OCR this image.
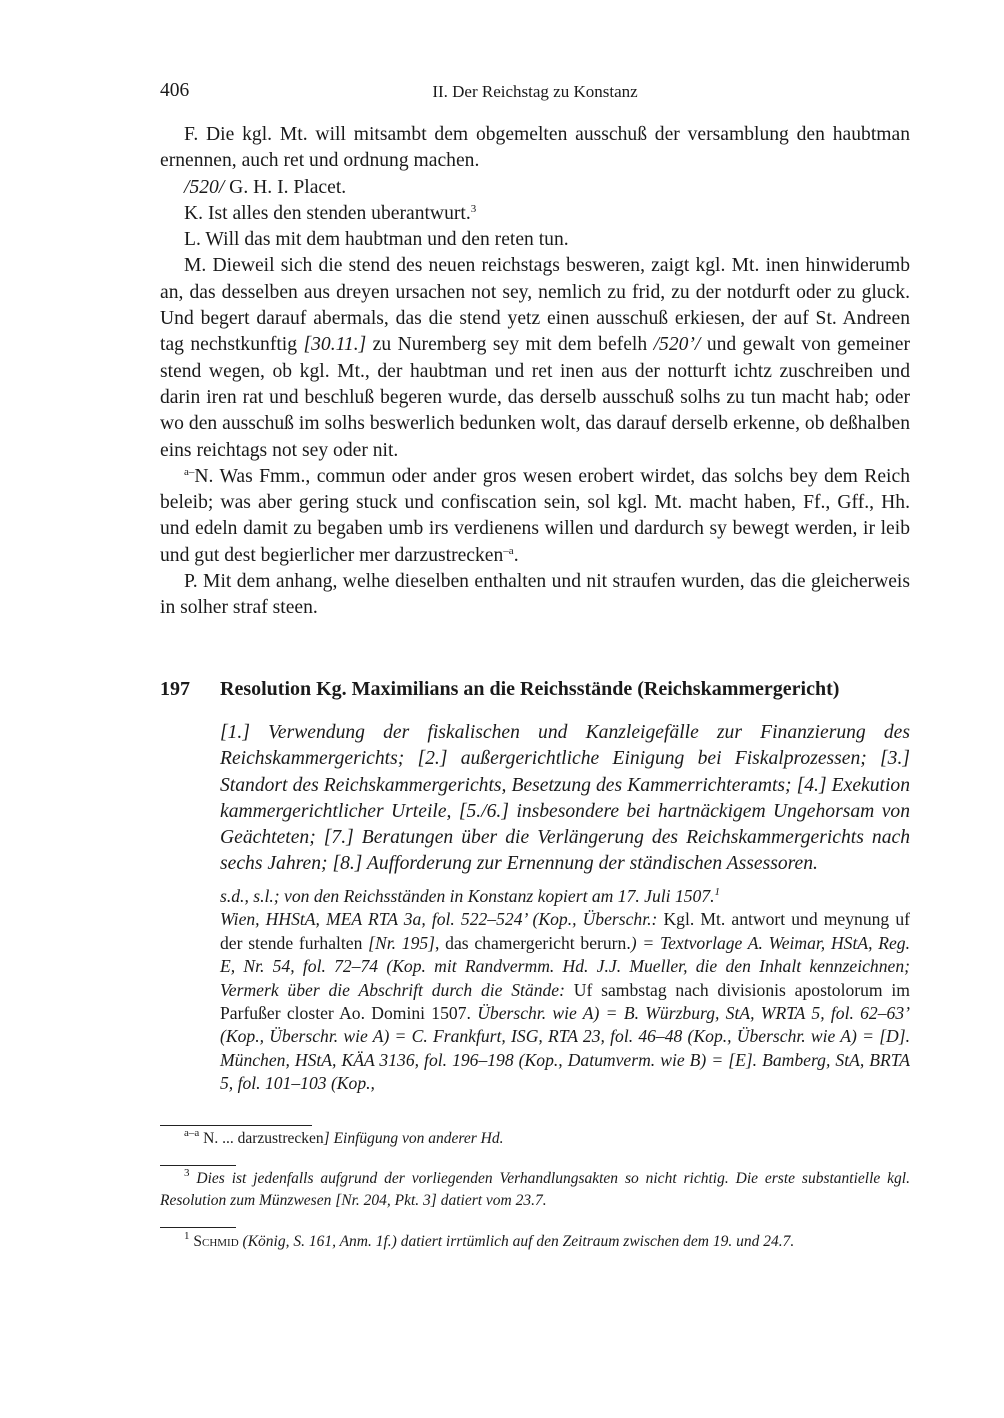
406	II. Der Reichstag zu Konstanz

F. Die kgl. Mt. will mitsambt dem obgemelten ausschuß der versamblung den haubtman ernennen, auch ret und ordnung machen.

/520/ G. H. I. Placet.

K. Ist alles den stenden uberantwurt.$^3$

L. Will das mit dem haubtman und den reten tun.

M. Dieweil sich die stend des neuen reichstags besweren, zaigt kgl. Mt. inen hinwiderumb an, das desselben aus dreyen ursachen not sey, nemlich zu frid, zu der notdurft oder zu gluck. Und begert darauf abermals, das die stend yetz einen ausschuß erkiesen, der auf St. Andreen tag nechstkunftig [30.11.] zu Nuremberg sey mit dem befelh /520’/ und gewalt von gemeiner stend wegen, ob kgl. Mt., der haubtman und ret inen aus der notturft ichtz zuschreiben und darin iren rat und beschluß begeren wurde, das derselb ausschuß solhs zu tun macht hab; oder wo den ausschuß im solhs beswerlich bedunken wolt, das darauf derselb erkenne, ob deßhalben eins reichtags not sey oder nit.

$^{a-}$N. Was Fmm., commun oder ander gros wesen erobert wirdet, das solchs bey dem Reich beleib; was aber gering stuck und confiscation sein, sol kgl. Mt. macht haben, Ff., Gff., Hh. und edeln damit zu begaben umb irs verdienens willen und dardurch sy bewegt werden, ir leib und gut dest begierlicher mer darzustrecken$^{-a}$.

P. Mit dem anhang, welhe dieselben enthalten und nit straufen wurden, das die gleicherweis in solher straf steen.

197 Resolution Kg. Maximilians an die Reichsstände (Reichskammergericht)
[1.] Verwendung der fiskalischen und Kanzleigefälle zur Finanzierung des Reichskammergerichts; [2.] außergerichtliche Einigung bei Fiskalprozessen; [3.] Standort des Reichskammergerichts, Besetzung des Kammerrichteramts; [4.] Exekution kammergerichtlicher Urteile, [5./6.] insbesondere bei hartnäckigem Ungehorsam von Geächteten; [7.] Beratungen über die Verlängerung des Reichskammergerichts nach sechs Jahren; [8.] Aufforderung zur Ernennung der ständischen Assessoren.
s.d., s.l.; von den Reichsständen in Konstanz kopiert am 17. Juli 1507.$^1$
Wien, HHStA, MEA RTA 3a, fol. 522–524’ (Kop., Überschr.: Kgl. Mt. antwort und meynung uf der stende furhalten [Nr. 195], das chamergericht berurn.) = Textvorlage A. Weimar, HStA, Reg. E, Nr. 54, fol. 72–74 (Kop. mit Randvermm. Hd. J.J. Mueller, die den Inhalt kennzeichnen; Vermerk über die Abschrift durch die Stände: Uf sambstag nach divisionis apostolorum im Parfußer closter Ao. Domini 1507. Überschr. wie A) = B. Würzburg, StA, WRTA 5, fol. 62–63’ (Kop., Überschr. wie A) = C. Frankfurt, ISG, RTA 23, fol. 46–48 (Kop., Überschr. wie A) = [D]. München, HStA, KÄA 3136, fol. 196–198 (Kop., Datumverm. wie B) = [E]. Bamberg, StA, BRTA 5, fol. 101–103 (Kop.,
$^{a-a}$ N. ... darzustrecken] Einfügung von anderer Hd.
$^3$ Dies ist jedenfalls aufgrund der vorliegenden Verhandlungsakten so nicht richtig. Die erste substantielle kgl. Resolution zum Münzwesen [Nr. 204, Pkt. 3] datiert vom 23.7.
$^1$ Schmid (König, S. 161, Anm. 1f.) datiert irrtümlich auf den Zeitraum zwischen dem 19. und 24.7.
